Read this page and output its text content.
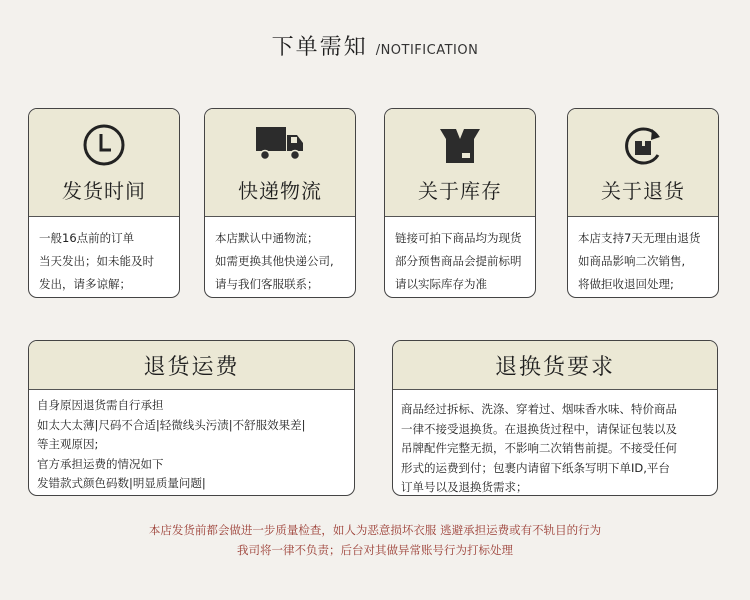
下单需知 /NOTIFICATION
发货时间
一般16点前的订单
当天发出；如未能及时
发出，请多谅解；
快递物流
本店默认中通物流；
如需更换其他快递公司,
请与我们客服联系；
关于库存
链接可拍下商品均为现货
部分预售商品会提前标明
请以实际库存为准
关于退货
本店支持7天无理由退货
如商品影响二次销售,
将做拒收退回处理;
退货运费
自身原因退货需自行承担
如太大太薄|尺码不合适|轻微线头污渍|不舒服效果差|
等主观原因;
官方承担运费的情况如下
发错款式颜色码数|明显质量问题|
退换货要求
商品经过拆标、洗涤、穿着过、烟味香水味、特价商品
一律不接受退换货。在退换货过程中，请保证包装以及
吊牌配件完整无损，不影响二次销售前提。不接受任何
形式的运费到付；包裹内请留下纸条写明下单ID,平台
订单号以及退换货需求；
本店发货前都会做进一步质量检查，如人为恶意损坏衣服 逃避承担运费或有不轨目的行为
我司将一律不负责；后台对其做异常账号行为打标处理
